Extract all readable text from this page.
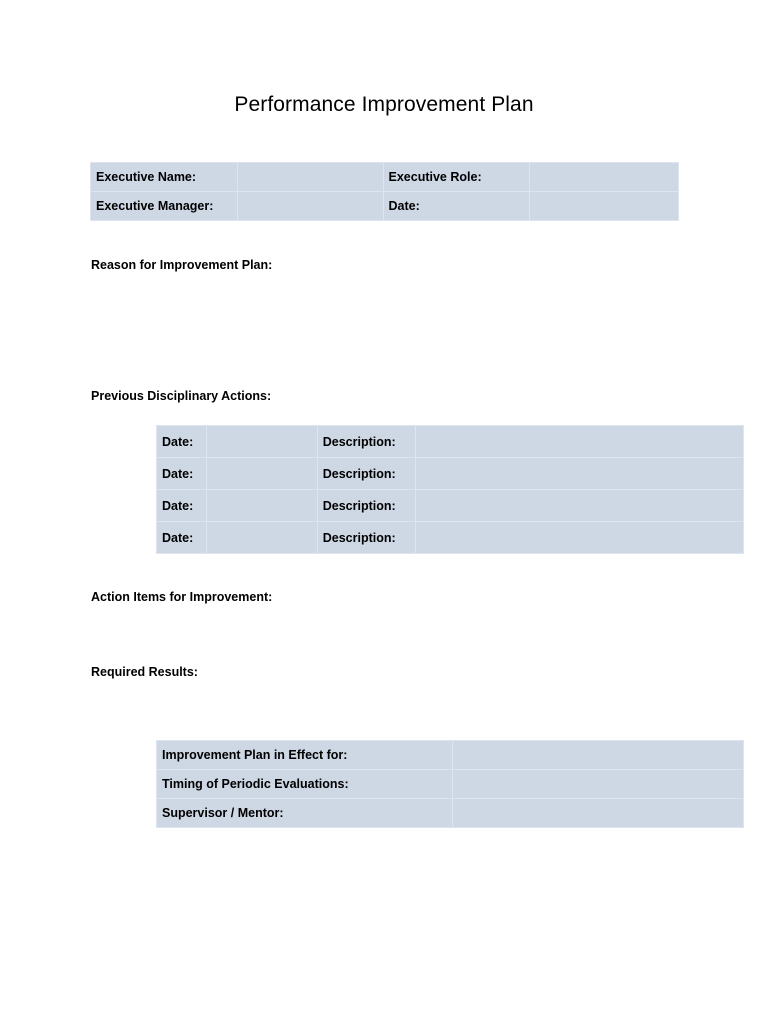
Performance Improvement Plan
Executive Name:		Executive Role:	
Executive Manager:		Date:	
Reason for Improvement Plan:
Previous Disciplinary Actions:
Date:		Description:	
Date:		Description:	
Date:		Description:	
Date:		Description:	
Action Items for Improvement:
Required Results:
Improvement Plan in Effect for:	
Timing of Periodic Evaluations:	
Supervisor / Mentor:	
